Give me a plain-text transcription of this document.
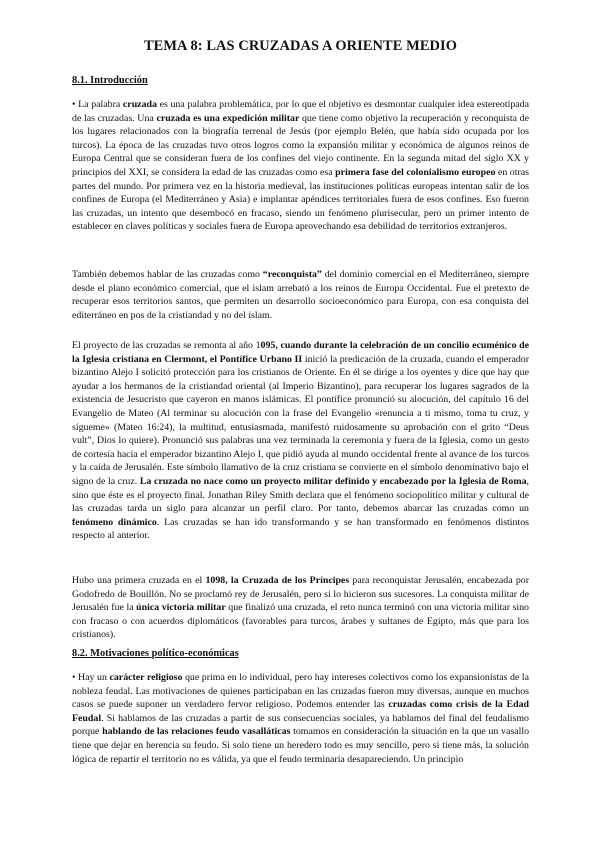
TEMA 8: LAS CRUZADAS A ORIENTE MEDIO
8.1. Introducción

• La palabra cruzada es una palabra problemática, por lo que el objetivo es desmontar cualquier idea estereotipada de las cruzadas. Una cruzada es una expedición militar que tiene como objetivo la recuperación y reconquista de los lugares relacionados con la biografía terrenal de Jesús (por ejemplo Belén, que había sido ocupada por los turcos). La época de las cruzadas tuvo otros logros como la expansión militar y económica de algunos reinos de Europa Central que se consideran fuera de los confines del viejo continente. En la segunda mitad del siglo XX y principios del XXI, se considera la edad de las cruzadas como esa primera fase del colonialismo europeo en otras partes del mundo. Por primera vez en la historia medieval, las instituciones políticas europeas intentan salir de los confines de Europa (el Mediterráneo y Asia) e implantar apéndices territoriales fuera de esos confines. Eso fueron las cruzadas, un intento que desembocó en fracaso, siendo un fenómeno plurisecular, pero un primer intento de establecer en claves políticas y sociales fuera de Europa aprovechando esa debilidad de territorios extranjeros.

También debemos hablar de las cruzadas como “reconquista” del dominio comercial en el Mediterráneo, siempre desde el plano económico comercial, que el islam arrebató a los reinos de Europa Occidental. Fue el pretexto de recuperar esos territorios santos, que permiten un desarrollo socioeconómico para Europa, con esa conquista del editerráneo en pos de la cristiandad y no del islam.

El proyecto de las cruzadas se remonta al año 1095, cuando durante la celebración de un concilio ecuménico de la Iglesia cristiana en Clermont, el Pontífice Urbano II inició la predicación de la cruzada, cuando el emperador bizantino Alejo I solicitó protección para los cristianos de Oriente. En él se dirige a los oyentes y dice que hay que ayudar a los hermanos de la cristiandad oriental (al Imperio Bizantino), para recuperar los lugares sagrados de la existencia de Jesucristo que cayeron en manos islámicas. El pontífice pronunció su alocución, del capítulo 16 del Evangelio de Mateo (Al terminar su alocución con la frase del Evangelio «renuncia a ti mismo, toma tu cruz, y sígueme» (Mateo 16:24), la multitud, entusiasmada, manifestó ruidosamente su aprobación con el grito “Deus vult”, Dios lo quiere). Pronunció sus palabras una vez terminada la ceremonia y fuera de la Iglesia, como un gesto de cortesía hacia el emperador bizantino Alejo I, que pidió ayuda al mundo occidental frente al avance de los turcos y la caída de Jerusalén. Este símbolo llamativo de la cruz cristiana se convierte en el símbolo denominativo bajo el signo de la cruz. La cruzada no nace como un proyecto militar definido y encabezado por la Iglesia de Roma, sino que éste es el proyecto final. Jonathan Riley Smith declara que el fenómeno sociopolítico militar y cultural de las cruzadas tarda un siglo para alcanzar un perfil claro. Por tanto, debemos abarcar las cruzadas como un fenómeno dinámico. Las cruzadas se han ido transformando y se han transformado en fenómenos distintos respecto al anterior.

Hubo una primera cruzada en el 1098, la Cruzada de los Príncipes para reconquistar Jerusalén, encabezada por Godofredo de Bouillón. No se proclamó rey de Jerusalén, pero sí lo hicieron sus sucesores. La conquista militar de Jerusalén fue la única victoria militar que finalizó una cruzada, el reto nunca terminó con una victoria militar sino con fracaso o con acuerdos diplomáticos (favorables para turcos, árabes y sultanes de Egipto, más que para los cristianos).

8.2. Motivaciones político-económicas

• Hay un carácter religioso que prima en lo individual, pero hay intereses colectivos como los expansionistas de la nobleza feudal. Las motivaciones de quienes participaban en las cruzadas fueron muy diversas, aunque en muchos casos se puede suponer un verdadero fervor religioso. Podemos entender las cruzadas como crisis de la Edad Feudal. Si hablamos de las cruzadas a partir de sus consecuencias sociales, ya hablamos del final del feudalismo porque hablando de las relaciones feudo vasalláticas tomamos en consideración la situación en la que un vasallo tiene que dejar en herencia su feudo. Si solo tiene un heredero todo es muy sencillo, pero si tiene más, la solución lógica de repartir el territorio no es válida, ya que el feudo terminaría desapareciendo. Un principio
